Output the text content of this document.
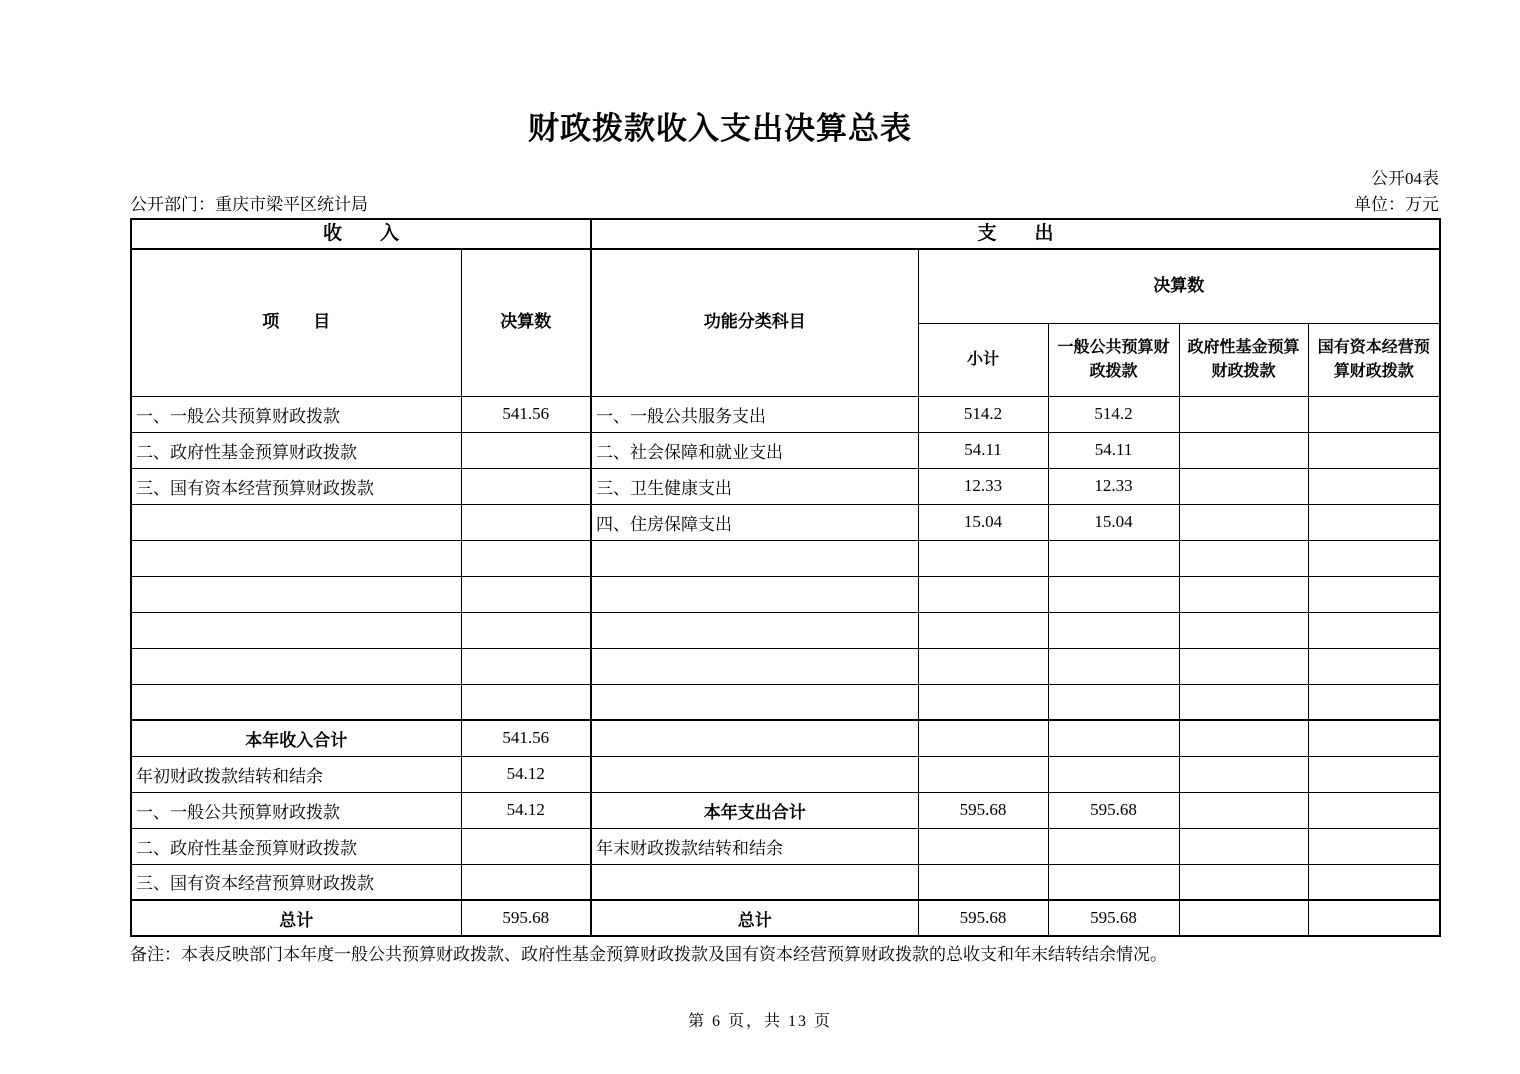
财政拨款收入支出决算总表
公开04表
公开部门：重庆市梁平区统计局	单位：万元
收　　入		支　　出				
项　　目	决算数	功能分类科目	决算数			
			小计	一般公共预算财政拨款	政府性基金预算财政拨款	国有资本经营预算财政拨款
一、一般公共预算财政拨款	541.56	一、一般公共服务支出	514.2	514.2		
二、政府性基金预算财政拨款		二、社会保障和就业支出	54.11	54.11		
三、国有资本经营预算财政拨款		三、卫生健康支出	12.33	12.33		
		四、住房保障支出	15.04	15.04		

本年收入合计	541.56					
年初财政拨款结转和结余	54.12					
一、一般公共预算财政拨款	54.12	本年支出合计	595.68	595.68		
二、政府性基金预算财政拨款		年末财政拨款结转和结余				
三、国有资本经营预算财政拨款						
总计	595.68	总计	595.68	595.68		
备注：本表反映部门本年度一般公共预算财政拨款、政府性基金预算财政拨款及国有资本经营预算财政拨款的总收支和年末结转结余情况。
第 6 页，共 13 页
